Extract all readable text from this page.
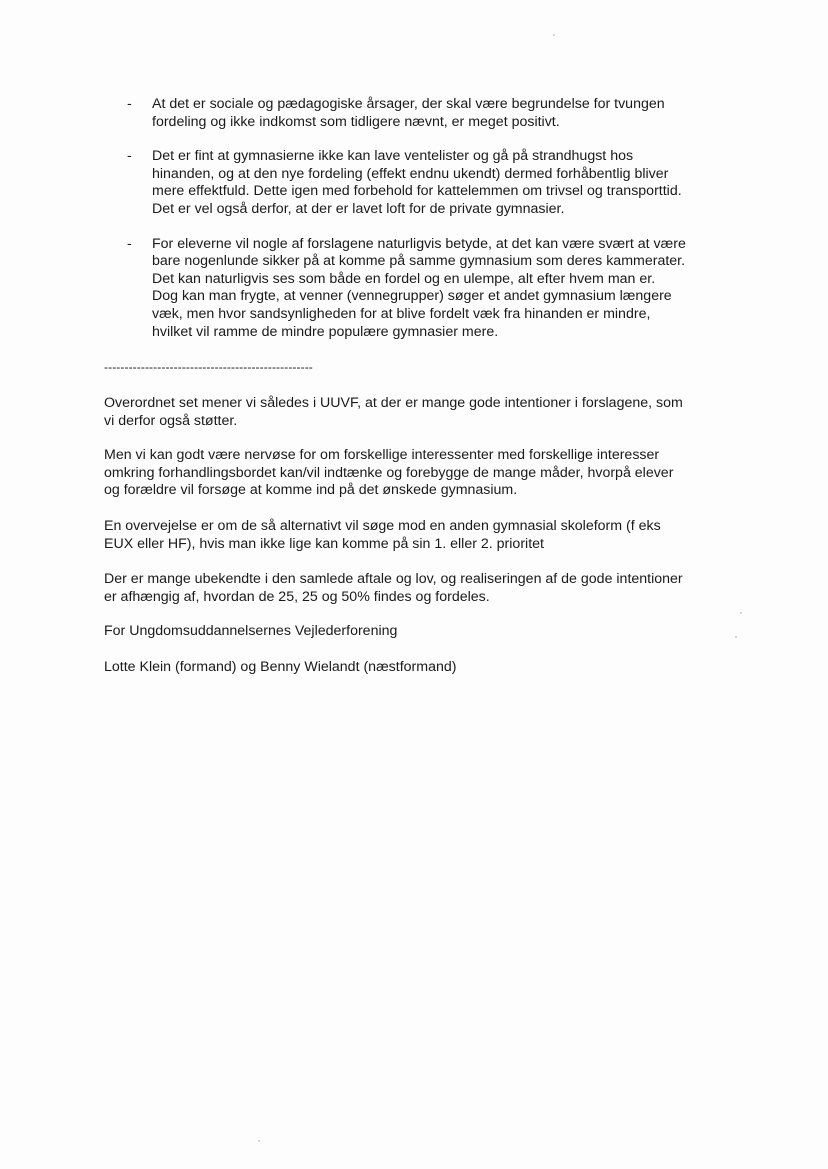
-	At det er sociale og pædagogiske årsager, der skal være begrundelse for tvungen
fordeling og ikke indkomst som tidligere nævnt, er meget positivt.
-	Det er fint at gymnasierne ikke kan lave ventelister og gå på strandhugst hos
hinanden, og at den nye fordeling (effekt endnu ukendt) dermed forhåbentlig bliver
mere effektfuld. Dette igen med forbehold for kattelemmen om trivsel og transporttid.
Det er vel også derfor, at der er lavet loft for de private gymnasier.
-	For eleverne vil nogle af forslagene naturligvis betyde, at det kan være svært at være
bare nogenlunde sikker på at komme på samme gymnasium som deres kammerater.
Det kan naturligvis ses som både en fordel og en ulempe, alt efter hvem man er.
Dog kan man frygte, at venner (vennegrupper) søger et andet gymnasium længere
væk, men hvor sandsynligheden for at blive fordelt væk fra hinanden er mindre,
hvilket vil ramme de mindre populære gymnasier mere.
---------------------------------------------------

Overordnet set mener vi således i UUVF, at der er mange gode intentioner i forslagene, som
vi derfor også støtter.

Men vi kan godt være nervøse for om forskellige interessenter med forskellige interesser
omkring forhandlingsbordet kan/vil indtænke og forebygge de mange måder, hvorpå elever
og forældre vil forsøge at komme ind på det ønskede gymnasium.

En overvejelse er om de så alternativt vil søge mod en anden gymnasial skoleform (f eks
EUX eller HF), hvis man ikke lige kan komme på sin 1. eller 2. prioritet

Der er mange ubekendte i den samlede aftale og lov, og realiseringen af de gode intentioner
er afhængig af, hvordan de 25, 25 og 50% findes og fordeles.

For Ungdomsuddannelsernes Vejlederforening

Lotte Klein (formand) og Benny Wielandt (næstformand)
